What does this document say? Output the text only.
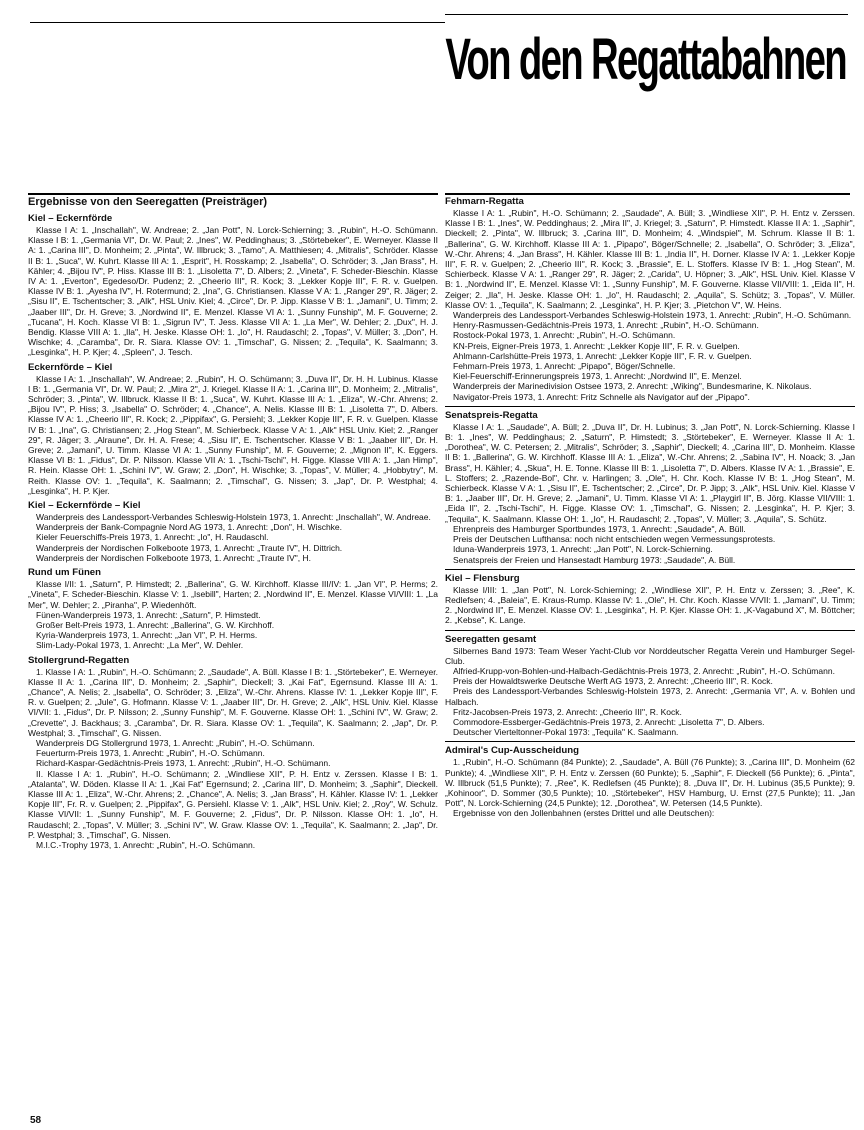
Von den Regattabahnen
Ergebnisse von den Seeregatten (Preisträger)
Kiel – Eckernförde

Klasse I A: 1. „Inschallah", W. Andreae; 2. „Jan Pott", N. Lorck-Schierning; 3. „Rubin", H.-O. Schümann. Klasse I B: 1. „Germania VI", Dr. W. Paul; 2. „Ines", W. Peddinghaus; 3. „Störtebeker", E. Werneyer. Klasse II A: 1. „Carina III", D. Monheim; 2. „Pinta", W. Illbruck; 3. „Tamo", A. Matthiesen; 4. „Mitralis", Schröder. Klasse II B: 1. „Suca", W. Kuhrt. Klasse III A: 1. „Esprit", H. Rosskamp; 2. „Isabella", O. Schröder; 3. „Jan Brass", H. Kähler; 4. „Bijou IV", P. Hiss. Klasse III B: 1. „Lisoletta 7", D. Albers; 2. „Vineta", F. Scheder-Bieschin. Klasse IV A: 1. „Everton", Egedeso/Dr. Pudenz; 2. „Cheerio III", R. Kock; 3. „Lekker Kopje III", F. R. v. Guelpen. Klasse IV B: 1. „Ayesha IV", H. Rotermund; 2. „Ina", G. Christiansen. Klasse V A: 1. „Ranger 29", R. Jäger; 2. „Sisu II", E. Tschentscher; 3. „Alk", HSL Univ. Kiel; 4. „Circe", Dr. P. Jipp. Klasse V B: 1. „Jamani", U. Timm; 2. „Jaaber III", Dr. H. Greve; 3. „Nordwind II", E. Menzel. Klasse VI A: 1. „Sunny Funship", M. F. Gouverne; 2. „Tucana", H. Koch. Klasse VI B: 1. „Sigrun IV", T. Jess. Klasse VII A: 1. „La Mer", W. Dehler; 2. „Dux", H. J. Bendig. Klasse VIII A: 1. „Ila", H. Jeske. Klasse OH: 1. „Io", H. Raudaschl; 2. „Topas", V. Müller; 3. „Don", H. Wischke; 4. „Caramba", Dr. R. Siara. Klasse OV: 1. „Timschal", G. Nissen; 2. „Tequila", K. Saalmann; 3. „Lesginka", H. P. Kjer; 4. „Spleen", J. Tesch.

Eckernförde – Kiel

Klasse I A: 1. „Inschallah", W. Andreae; 2. „Rubin", H. O. Schümann; 3. „Duva II", Dr. H. H. Lubinus. Klasse I B: 1. „Germania VI", Dr. W. Paul; 2. „Mira 2", J. Kriegel. Klasse II A: 1. „Carina III", D. Monheim; 2. „Mitralis", Schröder; 3. „Pinta", W. Illbruck. Klasse II B: 1. „Suca", W. Kuhrt. Klasse III A: 1. „Eliza", W.-Chr. Ahrens; 2. „Bijou IV", P. Hiss; 3. „Isabella" O. Schröder; 4. „Chance", A. Nelis. Klasse III B: 1. „Lisoletta 7", D. Albers. Klasse IV A: 1. „Cheerio III", R. Kock; 2. „Pippifax", G. Persiehl; 3. „Lekker Kopje III", F. R. v. Guelpen. Klasse IV B: 1. „Ina", G. Christiansen; 2. „Hog Stean", M. Schierbeck. Klasse V A: 1. „Alk" HSL Univ. Kiel; 2. „Ranger 29", R. Jäger; 3. „Alraune", Dr. H. A. Frese; 4. „Sisu II", E. Tschentscher. Klasse V B: 1. „Jaaber III", Dr. H. Greve; 2. „Jamani", U. Timm. Klasse VI A: 1. „Sunny Funship", M. F. Gouverne; 2. „Mignon II", K. Eggers. Klasse VI B: 1. „Fidus", Dr. P. Nilsson. Klasse VII A: 1. „Tschi-Tschi", H. Figge. Klasse VIII A: 1. „Jan Himp", R. Hein. Klasse OH: 1. „Schini IV", W. Graw; 2. „Don", H. Wischke; 3. „Topas", V. Müller; 4. „Hobbytry", M. Reith. Klasse OV: 1. „Tequila", K. Saalmann; 2. „Timschal", G. Nissen; 3. „Jap", Dr. P. Westphal; 4. „Lesginka", H. P. Kjer.

Kiel – Eckernförde – Kiel

Wanderpreis des Landessport-Verbandes Schleswig-Holstein 1973, 1. Anrecht: „Inschallah", W. Andreae.

Wanderpreis der Bank-Compagnie Nord AG 1973, 1. Anrecht: „Don", H. Wischke.

Kieler Feuerschiffs-Preis 1973, 1. Anrecht: „Io", H. Raudaschl.

Wanderpreis der Nordischen Folkeboote 1973, 1. Anrecht: „Traute IV", H. Dittrich.

Wanderpreis der Nordischen Folkeboote 1973, 1. Anrecht: „Traute IV", H.

Rund um Fünen

Klasse I/II: 1. „Saturn", P. Himstedt; 2. „Ballerina", G. W. Kirchhoff. Klasse III/IV: 1. „Jan VI", P. Herms; 2. „Vineta", F. Scheder-Bieschin. Klasse V: 1. „Isebill", Harten; 2. „Nordwind II", E. Menzel. Klasse VI/VIII: 1. „La Mer", W. Dehler; 2. „Piranha", P. Wiedenhöft.

Fünen-Wanderpreis 1973, 1. Anrecht: „Saturn", P. Himstedt.

Großer Belt-Preis 1973, 1. Anrecht: „Ballerina", G. W. Kirchhoff.

Kyria-Wanderpreis 1973, 1. Anrecht: „Jan VI", P. H. Herms.

Slim-Lady-Pokal 1973, 1. Anrecht: „La Mer", W. Dehler.

Stollergrund-Regatten

1. Klasse I A: 1. „Rubin", H.-O. Schümann; 2. „Saudade", A. Büll. Klasse I B: 1. „Störtebeker", E. Werneyer. Klasse II A: 1. „Carina III", D. Monheim; 2. „Saphir", Dieckell; 3. „Kai Fat", Egernsund. Klasse III A: 1. „Chance", A. Nelis; 2. „Isabella", O. Schröder; 3. „Eliza", W.-Chr. Ahrens. Klasse IV: 1. „Lekker Kopje III", F. R. v. Guelpen; 2. „Jule", G. Hofmann. Klasse V: 1. „Jaaber III", Dr. H. Greve; 2. „Alk", HSL Univ. Kiel. Klasse VI/VII: 1. „Fidus", Dr. P. Nilsson; 2. „Sunny Funship", M. F. Gouverne. Klasse OH: 1. „Schini IV", W. Graw; 2. „Crevette", J. Backhaus; 3. „Caramba", Dr. R. Siara. Klasse OV: 1. „Tequila", K. Saalmann; 2. „Jap", Dr. P. Westphal; 3. „Timschal", G. Nissen.

Wanderpreis DG Stollergrund 1973, 1. Anrecht: „Rubin", H.-O. Schümann.

Feuerturm-Preis 1973, 1. Anrecht: „Rubin", H.-O. Schümann.

Richard-Kaspar-Gedächtnis-Preis 1973, 1. Anrecht: „Rubin", H.-O. Schümann.

II. Klasse I A: 1. „Rubin", H.-O. Schümann; 2. „Windliese XII", P. H. Entz v. Zerssen. Klasse I B: 1. „Atalanta", W. Döden. Klasse II A: 1. „Kai Fat" Egernsund; 2. „Carina III", D. Monheim; 3. „Saphir", Dieckell. Klasse III A: 1. „Eliza", W.-Chr. Ahrens; 2. „Chance", A. Nelis; 3. „Jan Brass", H. Kähler. Klasse IV: 1. „Lekker Kopje III", Fr. R. v. Guelpen; 2. „Pippifax", G. Persiehl. Klasse V: 1. „Alk", HSL Univ. Kiel; 2. „Roy", W. Schulz. Klasse VI/VII: 1. „Sunny Funship", M. F. Gouverne; 2. „Fidus", Dr. P. Nilsson. Klasse OH: 1. „Io", H. Raudaschl; 2. „Topas", V. Müller; 3. „Schini IV", W. Graw. Klasse OV: 1. „Tequila", K. Saalmann; 2. „Jap", Dr. P. Westphal; 3. „Timschal", G. Nissen.

M.I.C.-Trophy 1973, 1. Anrecht: „Rubin", H.-O. Schümann.

Fehmarn-Regatta

Klasse I A: 1. „Rubin", H.-O. Schümann; 2. „Saudade", A. Büll; 3. „Windliese XII", P. H. Entz v. Zerssen. Klasse I B: 1. „Ines", W. Peddinghaus; 2. „Mira II", J. Kriegel; 3. „Saturn", P. Himstedt. Klasse II A: 1. „Saphir", Dieckell; 2. „Pinta", W. Illbruck; 3. „Carina III", D. Monheim; 4. „Windspiel", M. Schrum. Klasse II B: 1. „Ballerina", G. W. Kirchhoff. Klasse III A: 1. „Pipapo", Böger/Schnelle; 2. „Isabella", O. Schröder; 3. „Eliza", W.-Chr. Ahrens; 4. „Jan Brass", H. Kähler. Klasse III B: 1. „India II", H. Dorner. Klasse IV A: 1. „Lekker Kopje III", F. R. v. Guelpen; 2. „Cheerio III", R. Kock; 3. „Brassie", E. L. Stoffers. Klasse IV B: 1. „Hog Stean", M. Schierbeck. Klasse V A: 1. „Ranger 29", R. Jäger; 2. „Carida", U. Höpner; 3. „Alk", HSL Univ. Kiel. Klasse V B: 1. „Nordwind II", E. Menzel. Klasse VI: 1. „Sunny Funship", M. F. Gouverne. Klasse VII/VIII: 1. „Eida II", H. Zeiger; 2. „Ila", H. Jeske. Klasse OH: 1. „Io", H. Raudaschl; 2. „Aquila", S. Schütz; 3. „Topas", V. Müller. Klasse OV: 1. „Tequila", K. Saalmann; 2. „Lesginka", H. P. Kjer; 3. „Pietchon V", W. Heins.

Wanderpreis des Landessport-Verbandes Schleswig-Holstein 1973, 1. Anrecht: „Rubin", H.-O. Schümann.

Henry-Rasmussen-Gedächtnis-Preis 1973, 1. Anrecht: „Rubin", H.-O. Schümann.

Rostock-Pokal 1973, 1. Anrecht: „Rubin", H.-O. Schümann.

KN-Preis, Eigner-Preis 1973, 1. Anrecht: „Lekker Kopje III", F. R. v. Guelpen.

Ahlmann-Carlshütte-Preis 1973, 1. Anrecht: „Lekker Kopje III", F. R. v. Guelpen.

Fehmarn-Preis 1973, 1. Anrecht: „Pipapo", Böger/Schnelle.

Kiel-Feuerschiff-Erinnerungspreis 1973, 1. Anrecht: „Nordwind II", E. Menzel.

Wanderpreis der Marinedivision Ostsee 1973, 2. Anrecht: „Wiking", Bundesmarine, K. Nikolaus.

Navigator-Preis 1973, 1. Anrecht: Fritz Schnelle als Navigator auf der „Pipapo".

Senatspreis-Regatta

Klasse I A: 1. „Saudade", A. Büll; 2. „Duva II", Dr. H. Lubinus; 3. „Jan Pott", N. Lorck-Schierning. Klasse I B: 1. „Ines", W. Peddinghaus; 2. „Saturn", P. Himstedt; 3. „Störtebeker", E. Werneyer. Klasse II A: 1. „Dorothea", W. C. Petersen; 2. „Mitralis", Schröder; 3. „Saphir", Dieckell; 4. „Carina III", D. Monheim. Klasse II B: 1. „Ballerina", G. W. Kirchhoff. Klasse III A: 1. „Eliza", W.-Chr. Ahrens; 2. „Sabina IV", H. Noack; 3. „Jan Brass", H. Kähler; 4. „Skua", H. E. Tonne. Klasse III B: 1. „Lisoletta 7", D. Albers. Klasse IV A: 1. „Brassie", E. L. Stoffers; 2. „Razende-Bol", Chr. v. Harlingen; 3. „Ole", H. Chr. Koch. Klasse IV B: 1. „Hog Stean", M. Schierbeck. Klasse V A: 1. „Sisu II", E. Tschentscher; 2. „Circe", Dr. P. Jipp; 3. „Alk", HSL Univ. Kiel. Klasse V B: 1. „Jaaber III", Dr. H. Greve; 2. „Jamani", U. Timm. Klasse VI A: 1. „Playgirl II", B. Jörg. Klasse VII/VIII: 1. „Eida II", 2. „Tschi-Tschi", H. Figge. Klasse OV: 1. „Timschal", G. Nissen; 2. „Lesginka", H. P. Kjer; 3. „Tequila", K. Saalmann. Klasse OH: 1. „Io", H. Raudaschl; 2. „Topas", V. Müller; 3. „Aquila", S. Schütz.

Ehrenpreis des Hamburger Sportbundes 1973, 1. Anrecht: „Saudade", A. Büll.

Preis der Deutschen Lufthansa: noch nicht entschieden wegen Vermessungsprotests.

Iduna-Wanderpreis 1973, 1. Anrecht: „Jan Pott", N. Lorck-Schierning.

Senatspreis der Freien und Hansestadt Hamburg 1973: „Saudade", A. Büll.

Kiel – Flensburg

Klasse I/III: 1. „Jan Pott", N. Lorck-Schierning; 2. „Windliese XII", P. H. Entz v. Zerssen; 3. „Ree", K. Redlefsen; 4. „Baleia", E. Kraus-Rump. Klasse IV: 1. „Ole", H. Chr. Koch. Klasse V/VII: 1. „Jamani", U. Timm; 2. „Nordwind II", E. Menzel. Klasse OV: 1. „Lesginka", H. P. Kjer. Klasse OH: 1. „K-Vagabund X", M. Böttcher; 2. „Kebse", K. Lange.

Seeregatten gesamt

Silbernes Band 1973: Team Weser Yacht-Club vor Norddeutscher Regatta Verein und Hamburger Segel-Club.

Alfried-Krupp-von-Bohlen-und-Halbach-Gedächtnis-Preis 1973, 2. Anrecht: „Rubin", H.-O. Schümann.

Preis der Howaldtswerke Deutsche Werft AG 1973, 2. Anrecht: „Cheerio III", R. Kock.

Preis des Landessport-Verbandes Schleswig-Holstein 1973, 2. Anrecht: „Germania VI", A. v. Bohlen und Halbach.

Fritz-Jacobsen-Preis 1973, 2. Anrecht: „Cheerio III", R. Kock.

Commodore-Essberger-Gedächtnis-Preis 1973, 2. Anrecht: „Lisoletta 7", D. Albers.

Deutscher Vierteltonner-Pokal 1973: „Tequila" K. Saalmann.

Admiral's Cup-Ausscheidung

1. „Rubin", H.-O. Schümann (84 Punkte); 2. „Saudade", A. Büll (76 Punkte); 3. „Carina III", D. Monheim (62 Punkte); 4. „Windliese XII", P. H. Entz v. Zerssen (60 Punkte); 5. „Saphir", F. Dieckell (56 Punkte); 6. „Pinta", W. Illbruck (51,5 Punkte); 7. „Ree", K. Redlefsen (45 Punkte); 8. „Duva II", Dr. H. Lubinus (35,5 Punkte); 9. „Kohinoor", D. Sommer (30,5 Punkte); 10. „Störtebeker", HSV Hamburg, U. Ernst (27,5 Punkte); 11. „Jan Pott", N. Lorck-Schierning (24,5 Punkte); 12. „Dorothea", W. Petersen (14,5 Punkte).

Ergebnisse von den Jollenbahnen (erstes Drittel und alle Deutschen):

58
